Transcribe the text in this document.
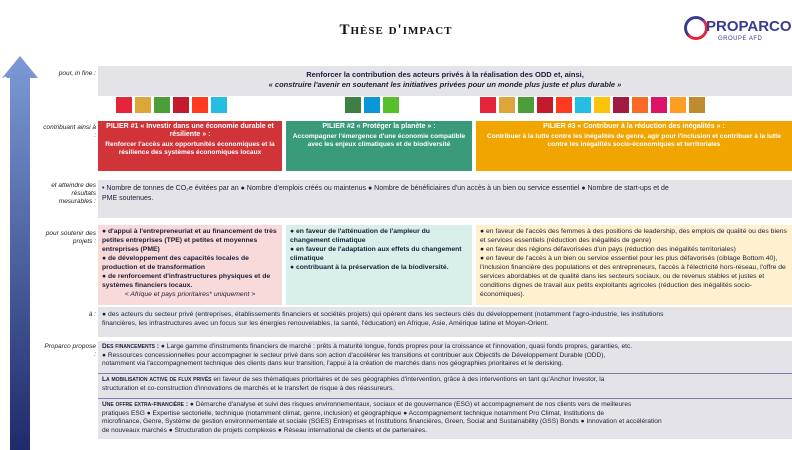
Thèse d'impact	PROPARCO
GROUPE AFD
EFFETS / IMPACTS
RÉSULTATS
ACTIVITÉS
RESSOURCES
pour, in fine :
contribuant ainsi à :
et atteindre des résultats mesurables :
pour soutenir des projets :
à :
Proparco propose :
Renforcer la contribution des acteurs privés à la réalisation des ODD et, ainsi,
« construire l'avenir en soutenant les initiatives privées pour un monde plus juste et plus durable »
PILIER #1 « Investir dans une économie durable et résiliente » :
Renforcer l'accès aux opportunités économiques et la résilience des systèmes économiques locaux
PILIER #2 « Protéger la planète » :
Accompagner l'émergence d'une économie compatible avec les enjeux climatiques et de biodiversité
PILIER #3 « Contribuer à la réduction des inégalités » :
Contribuer à la lutte contre les inégalités de genre, agir pour l'inclusion et contribuer à la lutte contre les inégalités socio-économiques et territoriales
• Nombre de tonnes de CO₂e évitées par an ● Nombre d'emplois créés ou maintenus ● Nombre de bénéficiaires d'un accès à un bien ou service essentiel ● Nombre de start-ups et de
PME soutenues.
● d'appui à l'entrepreneuriat et au financement de très petites entreprises (TPE) et petites et moyennes entreprises (PME)
● de développement des capacités locales de production et de transformation
● de renforcement d'infrastructures physiques et de systèmes financiers locaux.
< Afrique et pays prioritaires* uniquement >
● en faveur de l'atténuation de l'ampleur du changement climatique
● en faveur de l'adaptation aux effets du changement climatique
● contribuant à la préservation de la biodiversité.
● en faveur de l'accès des femmes à des positions de leadership, des emplois de qualité ou des biens et services essentiels (réduction des inégalités de genre)
● en faveur des régions défavorisées d'un pays (réduction des inégalités territoriales)
● en faveur de l'accès à un bien ou service essentiel pour les plus défavorisés (ciblage Bottom 40), l'inclusion financière des populations et des entrepreneurs, l'accès à l'électricité hors-réseau, l'offre de services abordables et de qualité dans les secteurs sociaux, ou de revenus stables et justes et conditions dignes de travail aux petits exploitants agricoles (réduction des inégalités socio-économiques).
● des acteurs du secteur privé (entreprises, établissements financiers et sociétés projets) qui opèrent dans les secteurs clés du développement (notamment l'agro-industrie, les institutions
financières, les infrastructures avec un focus sur les énergies renouvelables, la santé, l'éducation) en Afrique, Asie, Amérique latine et Moyen-Orient.
Des financements : ● Large gamme d'instruments financiers de marché : prêts à maturité longue, fonds propres pour la croissance et l'innovation, quasi fonds propres, garanties, etc.
● Ressources concessionnelles pour accompagner le secteur privé dans son action d'accélérer les transitions et contribuer aux Objectifs de Développement Durable (ODD),
notamment via l'accompagnement technique des clients dans leur transition, l'appui à la création de marchés dans nos géographies prioritaires et le derisking.
La mobilisation active de flux privés en faveur de ses thématiques prioritaires et de ses géographies d'intervention, grâce à des interventions en tant qu'Anchor Investor, la
structuration et co-construction d'innovations de marchés et le transfert de risque à des réassureurs.
Une offre extra-financière : ● Démarche d'analyse et suivi des risques environnementaux, sociaux et de gouvernance (ESG) et accompagnement de nos clients vers de meilleures
pratiques ESG ● Expertise sectorielle, technique (notamment climat, genre, inclusion) et géographique ● Accompagnement technique notamment Pro Climat, Institutions de
microfinance, Genre, Système de gestion environnementale et sociale (SGES) Entreprises et Institutions financières, Green, Social and Sustainability (GSS) Bonds ● Innovation et accélération
de nouveaux marchés ● Structuration de projets complexes ● Réseau international de clients et de partenaires.
